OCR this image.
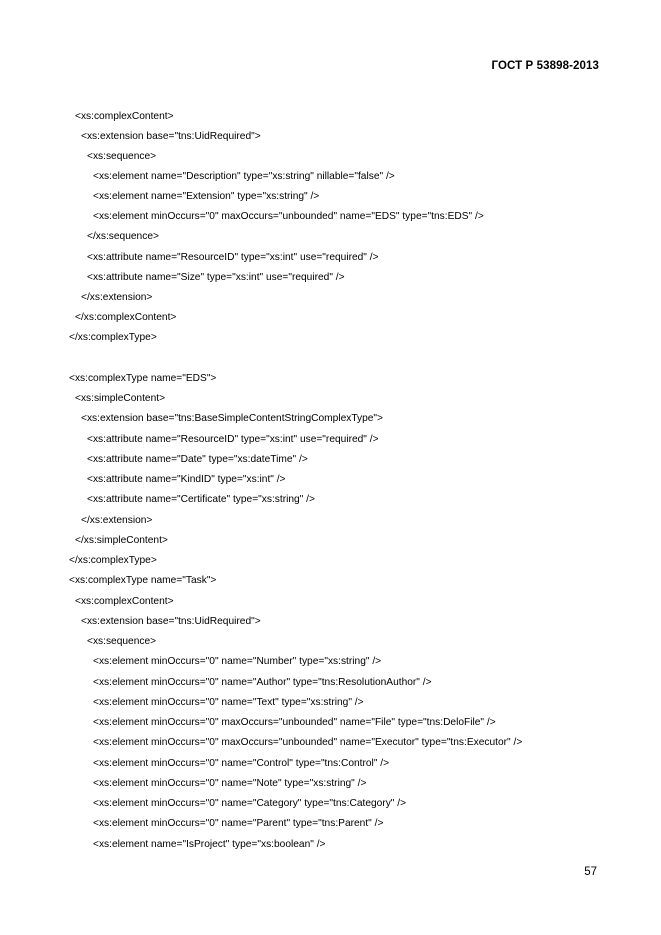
ГОСТ Р 53898-2013
<xs:complexContent>
<xs:extension base="tns:UidRequired">
<xs:sequence>
<xs:element name="Description" type="xs:string" nillable="false" />
<xs:element name="Extension" type="xs:string" />
<xs:element minOccurs="0" maxOccurs="unbounded" name="EDS" type="tns:EDS" />
</xs:sequence>
<xs:attribute name="ResourceID" type="xs:int" use="required" />
<xs:attribute name="Size" type="xs:int" use="required" />
</xs:extension>
</xs:complexContent>
</xs:complexType>
<xs:complexType name="EDS">
<xs:simpleContent>
<xs:extension base="tns:BaseSimpleContentStringComplexType">
<xs:attribute name="ResourceID" type="xs:int" use="required" />
<xs:attribute name="Date" type="xs:dateTime" />
<xs:attribute name="KindID" type="xs:int" />
<xs:attribute name="Certificate" type="xs:string" />
</xs:extension>
</xs:simpleContent>
</xs:complexType>
<xs:complexType name="Task">
<xs:complexContent>
<xs:extension base="tns:UidRequired">
<xs:sequence>
<xs:element minOccurs="0" name="Number" type="xs:string" />
<xs:element minOccurs="0" name="Author" type="tns:ResolutionAuthor" />
<xs:element minOccurs="0" name="Text" type="xs:string" />
<xs:element minOccurs="0" maxOccurs="unbounded" name="File" type="tns:DeloFile" />
<xs:element minOccurs="0" maxOccurs="unbounded" name="Executor" type="tns:Executor" />
<xs:element minOccurs="0" name="Control" type="tns:Control" />
<xs:element minOccurs="0" name="Note" type="xs:string" />
<xs:element minOccurs="0" name="Category" type="tns:Category" />
<xs:element minOccurs="0" name="Parent" type="tns:Parent" />
<xs:element name="IsProject" type="xs:boolean" />
57
